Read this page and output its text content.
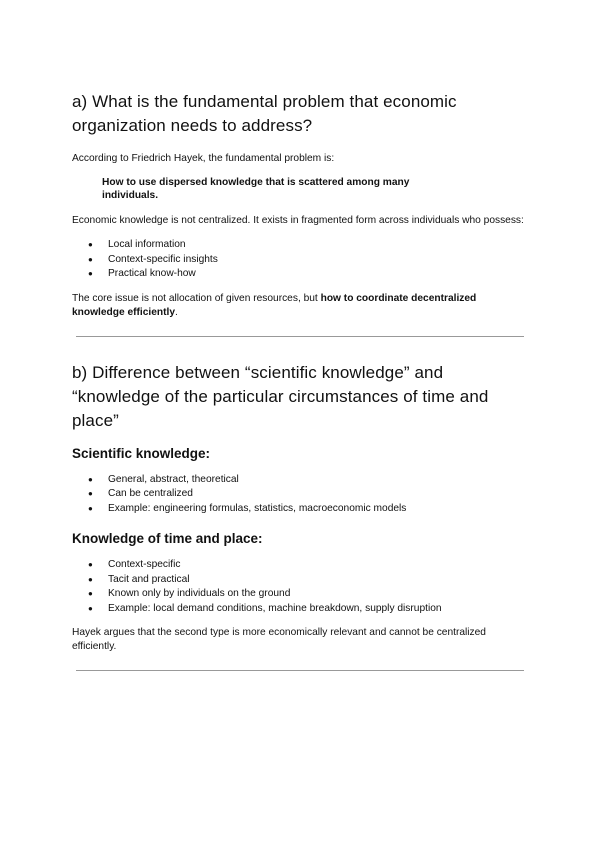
a) What is the fundamental problem that economic organization needs to address?

According to Friedrich Hayek, the fundamental problem is:

How to use dispersed knowledge that is scattered among many individuals.

Economic knowledge is not centralized. It exists in fragmented form across individuals who possess:

● Local information
● Context-specific insights
● Practical know-how

The core issue is not allocation of given resources, but how to coordinate decentralized knowledge efficiently.

b) Difference between “scientific knowledge” and “knowledge of the particular circumstances of time and place”
Scientific knowledge:
● General, abstract, theoretical
● Can be centralized
● Example: engineering formulas, statistics, macroeconomic models
Knowledge of time and place:
● Context-specific
● Tacit and practical
● Known only by individuals on the ground
● Example: local demand conditions, machine breakdown, supply disruption

Hayek argues that the second type is more economically relevant and cannot be centralized efficiently.
